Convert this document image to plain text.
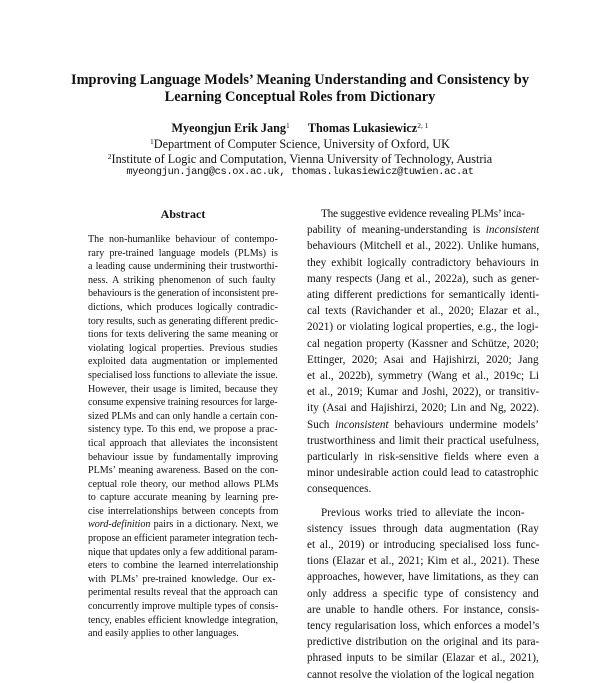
Improving Language Models’ Meaning Understanding and Consistency by
Learning Conceptual Roles from Dictionary
Myeongjun Erik Jang$^1$ Thomas Lukasiewicz$^{2, 1}$
$^1$Department of Computer Science, University of Oxford, UK
$^2$Institute of Logic and Computation, Vienna University of Technology, Austria
myeongjun.jang@cs.ox.ac.uk, thomas.lukasiewicz@tuwien.ac.at
Abstract
The non-humanlike behaviour of contempo-
rary pre-trained language models (PLMs) is
a leading cause undermining their trustworthi-
ness. A striking phenomenon of such faulty
behaviours is the generation of inconsistent pre-
dictions, which produces logically contradic-
tory results, such as generating different predic-
tions for texts delivering the same meaning or
violating logical properties. Previous studies
exploited data augmentation or implemented
specialised loss functions to alleviate the issue.
However, their usage is limited, because they
consume expensive training resources for large-
sized PLMs and can only handle a certain con-
sistency type. To this end, we propose a prac-
tical approach that alleviates the inconsistent
behaviour issue by fundamentally improving
PLMs’ meaning awareness. Based on the con-
ceptual role theory, our method allows PLMs
to capture accurate meaning by learning pre-
cise interrelationships between concepts from
word-definition pairs in a dictionary. Next, we
propose an efficient parameter integration tech-
nique that updates only a few additional param-
eters to combine the learned interrelationship
with PLMs’ pre-trained knowledge. Our ex-
perimental results reveal that the approach can
concurrently improve multiple types of consis-
tency, enables efficient knowledge integration,
and easily applies to other languages.
The suggestive evidence revealing PLMs’ inca-
pability of meaning-understanding is inconsistent
behaviours (Mitchell et al., 2022). Unlike humans,
they exhibit logically contradictory behaviours in
many respects (Jang et al., 2022a), such as gener-
ating different predictions for semantically identi-
cal texts (Ravichander et al., 2020; Elazar et al.,
2021) or violating logical properties, e.g., the logi-
cal negation property (Kassner and Schütze, 2020;
Ettinger, 2020; Asai and Hajishirzi, 2020; Jang
et al., 2022b), symmetry (Wang et al., 2019c; Li
et al., 2019; Kumar and Joshi, 2022), or transitiv-
ity (Asai and Hajishirzi, 2020; Lin and Ng, 2022).
Such inconsistent behaviours undermine models’
trustworthiness and limit their practical usefulness,
particularly in risk-sensitive fields where even a
minor undesirable action could lead to catastrophic
consequences.
Previous works tried to alleviate the incon-
sistency issues through data augmentation (Ray
et al., 2019) or introducing specialised loss func-
tions (Elazar et al., 2021; Kim et al., 2021). These
approaches, however, have limitations, as they can
only address a specific type of consistency and
are unable to handle others. For instance, consis-
tency regularisation loss, which enforces a model’s
predictive distribution on the original and its para-
phrased inputs to be similar (Elazar et al., 2021),
cannot resolve the violation of the logical negation
